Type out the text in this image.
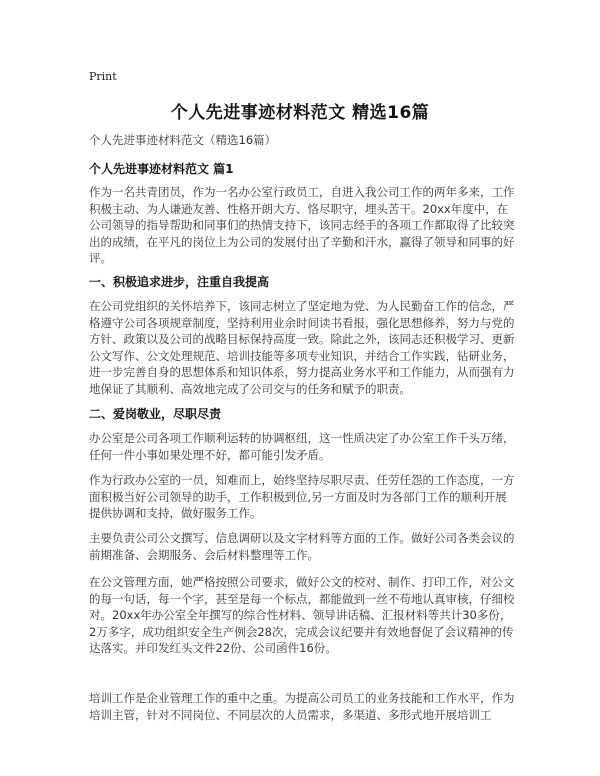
Print
个人先进事迹材料范文 精选16篇
个人先进事迹材料范文（精选16篇）
个人先进事迹材料范文 篇1

作为一名共青团员，作为一名办公室行政员工，自进入我公司工作的两年多来，工作积极主动、为人谦逊友善、性格开朗大方、恪尽职守，埋头苦干。20xx年度中，在公司领导的指导帮助和同事们的热情支持下，该同志经手的各项工作都取得了比较突出的成绩，在平凡的岗位上为公司的发展付出了辛勤和汗水，赢得了领导和同事的好评。

一、积极追求进步，注重自我提高

在公司党组织的关怀培养下，该同志树立了坚定地为党、为人民勤奋工作的信念，严格遵守公司各项规章制度，坚持利用业余时间读书看报，强化思想修养，努力与党的方针、政策以及公司的战略目标保持高度一致。除此之外，该同志还积极学习、更新公文写作、公文处理规范、培训技能等多项专业知识，并结合工作实践，钻研业务，进一步完善自身的思想体系和知识体系，努力提高业务水平和工作能力，从而强有力地保证了其顺利、高效地完成了公司交与的任务和赋予的职责。

二、爱岗敬业，尽职尽责

办公室是公司各项工作顺利运转的协调枢纽，这一性质决定了办公室工作千头万绪，任何一件小事如果处理不好，都可能引发矛盾。

作为行政办公室的一员，知难而上，始终坚持尽职尽责、任劳任怨的工作态度，一方面积极当好公司领导的助手，工作积极到位,另一方面及时为各部门工作的顺利开展提供协调和支持，做好服务工作。

主要负责公司公文撰写、信息调研以及文字材料等方面的工作。做好公司各类会议的前期准备、会期服务、会后材料整理等工作。

在公文管理方面，她严格按照公司要求，做好公文的校对、制作、打印工作，对公文的每一句话，每一个字，甚至是每一个标点，都能做到一丝不苟地认真审核，仔细校对。20xx年办公室全年撰写的综合性材料、领导讲话稿、汇报材料等共计30多份，2万多字，成功组织安全生产例会28次，完成会议纪要并有效地督促了会议精神的传达落实。并印发红头文件22份、公司函件16份。

培训工作是企业管理工作的重中之重。为提高公司员工的业务技能和工作水平，作为培训主管，针对不同岗位、不同层次的人员需求，多渠道、多形式地开展培训工
